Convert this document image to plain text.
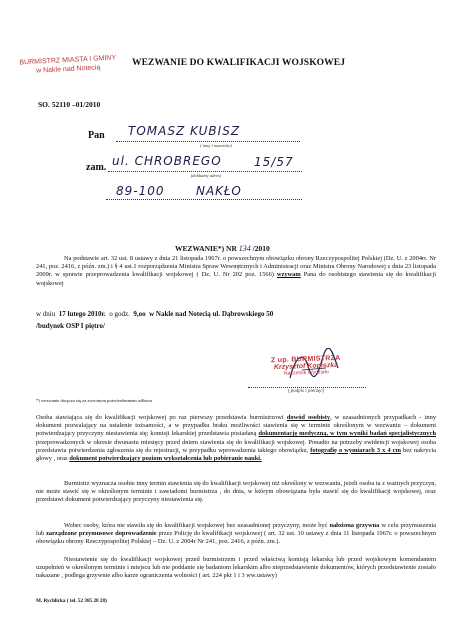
BURMISTRZ MIASTA I GMINY
w Nakle nad Notecią
WEZWANIE DO KWALIFIKACJI WOJSKOWEJ
SO. 52110 –01/2010
Pan TOMASZ KUBISZ
( imię i nazwisko)
zam. ul. CHROBREGO	15/57
(dokładny adres)
89-100	NAKŁO
WEZWANIE*) NR 134 /2010
Na podstawie art. 32 ust. 8 ustawy z dnia 21 listopada 1967r. o powszechnym obowiązku obrony Rzeczypospolitej Polskiej (Dz. U. z 2004rr. Nr 241, poz. 2416, z późn. zm.) i § 4 ust.1 rozporządzenia Ministra Spraw Wewnętrznych i Administracji oraz Ministra Obrony Narodowej z dnia 23 listopada 2009r. w sprawie przeprowadzenia kwalifikacji wojskowej ( Dz. U. Nr 202 poz. 1566) wzywam Pana do osobistego stawienia się do kwalifikacji wojskowej
w dniu 17 lutego 2010r. o godz. 9,oo w Nakle nad Notecią ul. Dąbrowskiego 50
/budynek OSP I piętro/
Z up. BURMISTRZA
Krzysztof Kopiszka
Naczelnik Wydziału
( podpis i pieczęć)
*) wezwanie doręcza się za zwrotnym potwierdzeniem odbioru
Osoba stawiająca się do kwalifikacji wojskowej po raz pierwszy przedstawia burmistrzowi dowód osobisty, w uzasadnionych przypadkach - inny dokument pozwalający na ustalenie tożsamości, a w przypadku braku możliwości stawienia się w terminie określonym w wezwaniu – dokument potwierdzający przyczyny niestawienia się; komisji lekarskiej przedstawia posiadaną dokumentację medyczną, w tym wyniki badań specjalistycznych przeprowadzonych w okresie dwunastu miesięcy przed dniem stawienia się do kwalifikacji wojskowej. Ponadto na potrzeby ewidencji wojskowej osoba przedstawia potwierdzenia zgłoszenia się do rejestracji, w przypadku wprowadzenia takiego obowiązku, fotografię o wymiarach 3 x 4 cm bez nakrycia głowy , oraz dokument potwierdzający poziom wykształcenia lub pobieranie nauki.
Burmistrz wyznacza osobie inny termin stawienia się do kwalifikacji wojskowej niż określony w wezwaniu, jeżeli osoba ta z ważnych przyczyn, nie może stawić się w określonym terminie i zawiadomi burmistrza , do dnia, w którym obowiązana była stawić się do kwalifikacji wojskowej, oraz przedstawi dokument potwierdzający przyczyny niestawienia się.
Wobec osoby, która nie stawiła się do kwalifikacji wojskowej bez uzasadnionej przyczyny, może być nałożona grzywna w celu przymuszenia lub zarządzone przymusowe doprowadzenie przez Policję do kwalifikacji wojskowej ( art. 32 ust. 10 ustawy z dnia 11 listopada 1967r. o powszechnym obowiązku obrony Rzeczypospolitej Polskiej – Dz. U. z 2004r Nr 241, poz. 2416, z późn. zm.).
Niestawienie się do kwalifikacji wojskowej przed burmistrzem i przed właściwą komisją lekarską lub przed wojskowym komendantem uzupełnień w określonym terminie i miejscu lub nie poddanie się badaniom lekarskim albo nieprzedstawienie dokumentów, których przedstawienie zostało nakazane , podlega grzywnie albo karze ograniczenia wolności ( art. 224 pkt 1 i 3 ww.ustawy)
M. Rychlicka ( tel. 52 385 28 28)
